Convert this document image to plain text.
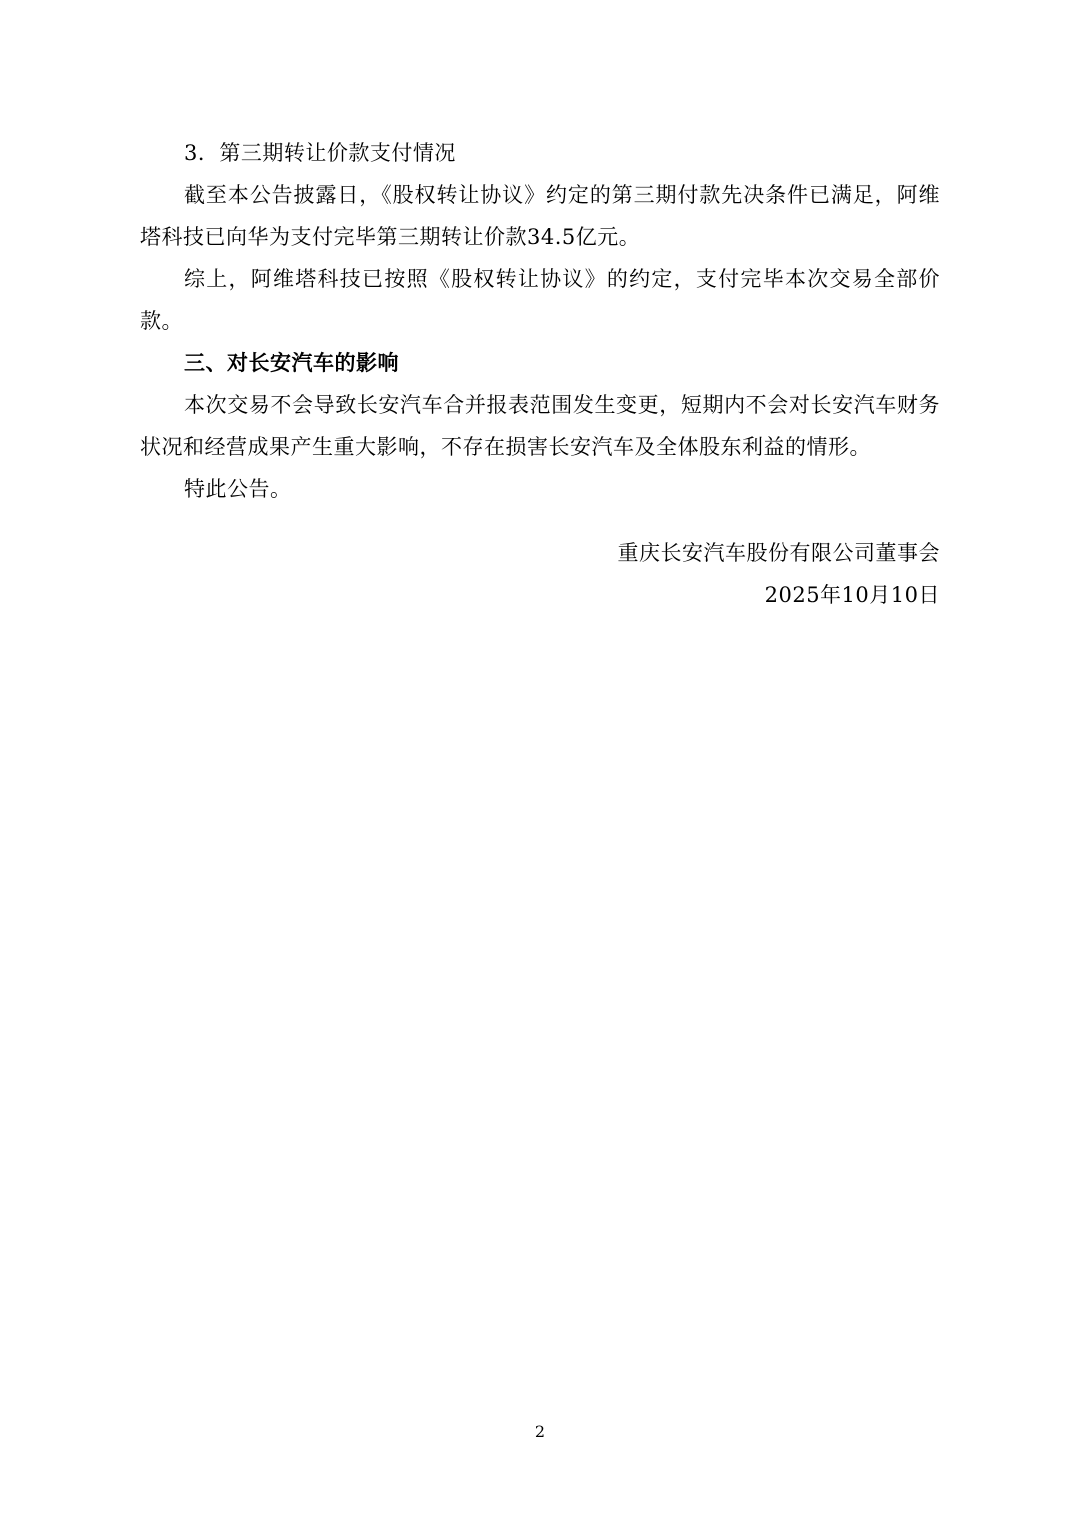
3．第三期转让价款支付情况

截至本公告披露日，《股权转让协议》约定的第三期付款先决条件已满足，阿维塔科技已向华为支付完毕第三期转让价款34.5亿元。

综上，阿维塔科技已按照《股权转让协议》的约定，支付完毕本次交易全部价款。

三、对长安汽车的影响

本次交易不会导致长安汽车合并报表范围发生变更，短期内不会对长安汽车财务状况和经营成果产生重大影响，不存在损害长安汽车及全体股东利益的情形。

特此公告。

重庆长安汽车股份有限公司董事会
2025年10月10日
2
